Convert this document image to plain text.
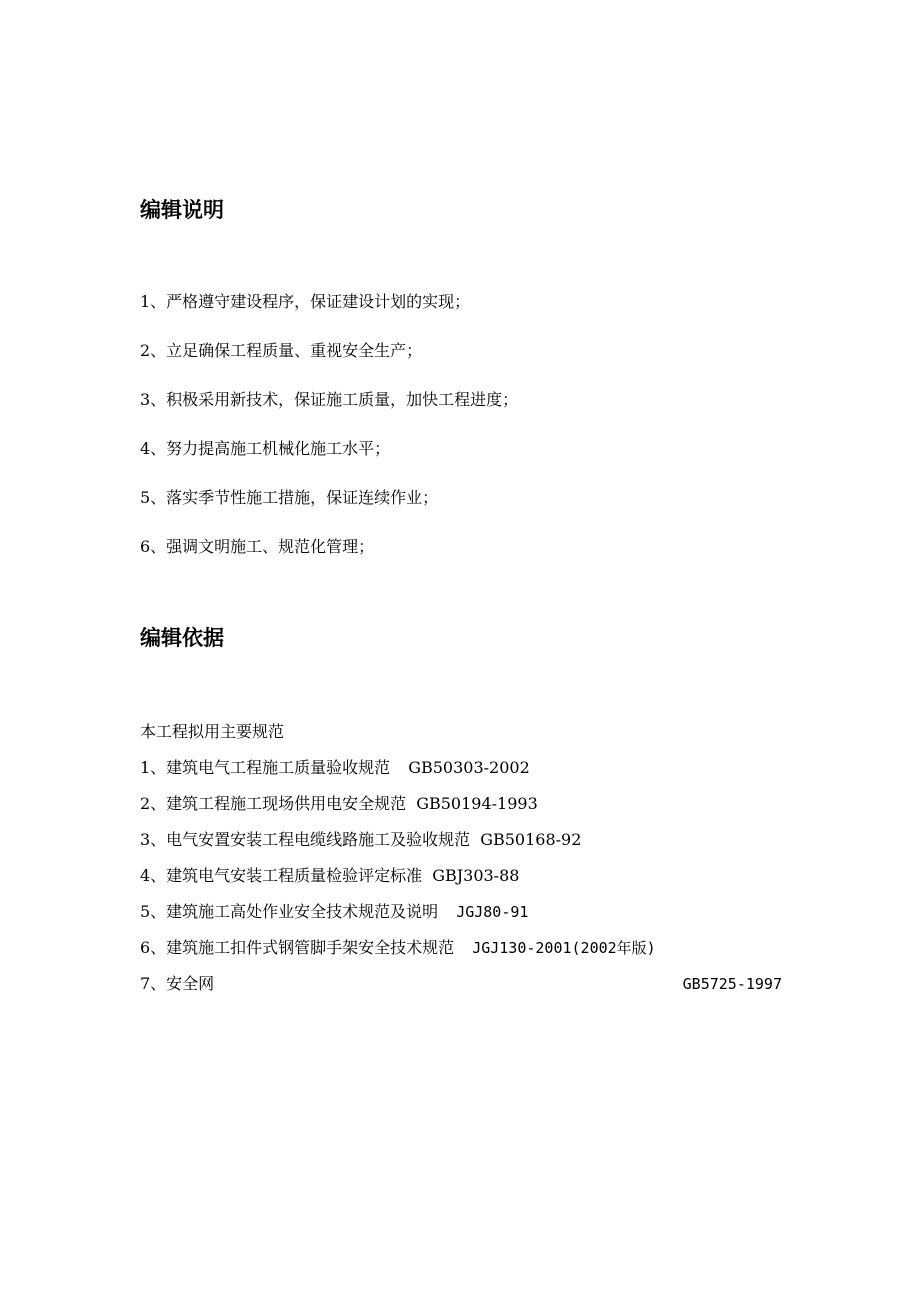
编辑说明
1、严格遵守建设程序，保证建设计划的实现；
2、立足确保工程质量、重视安全生产；
3、积极采用新技术，保证施工质量，加快工程进度；
4、努力提高施工机械化施工水平；
5、落实季节性施工措施，保证连续作业；
6、强调文明施工、规范化管理；
编辑依据

本工程拟用主要规范

1、建筑电气工程施工质量验收规范 GB50303-2002
2、建筑工程施工现场供用电安全规范 GB50194-1993
3、电气安置安装工程电缆线路施工及验收规范 GB50168-92
4、建筑电气安装工程质量检验评定标准 GBJ303-88
5、建筑施工高处作业安全技术规范及说明 JGJ80-91
6、建筑施工扣件式钢管脚手架安全技术规范 JGJ130-2001(2002年版)
7、安全网	GB5725-1997
